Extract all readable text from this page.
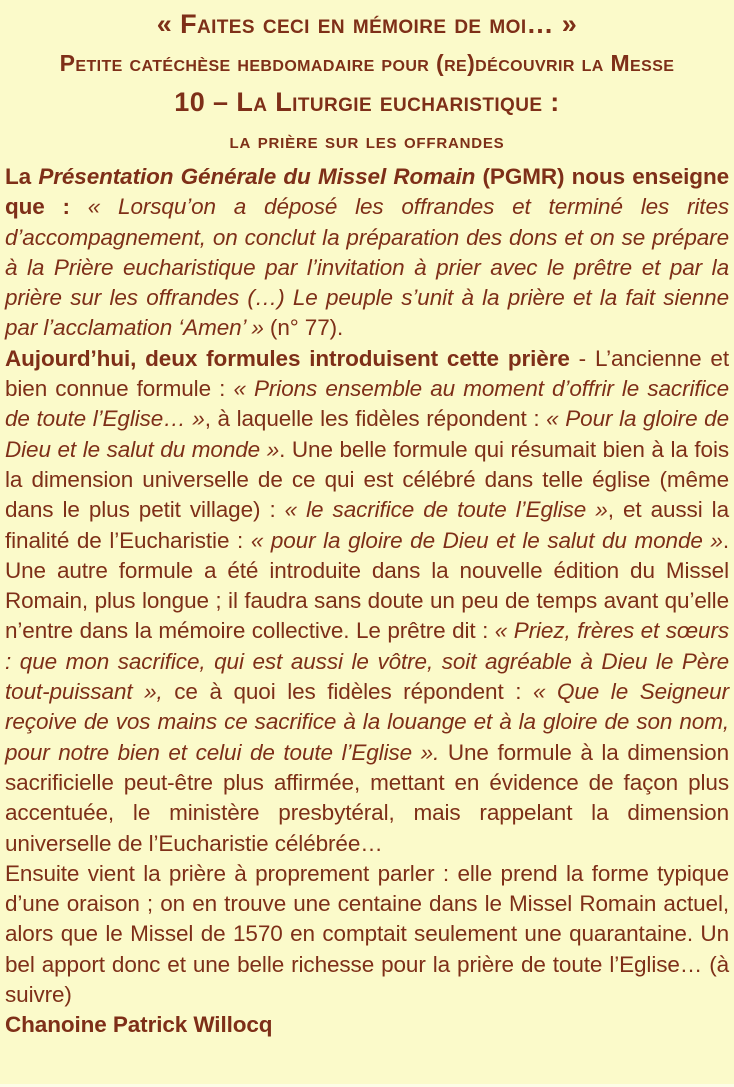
« Faites ceci en mémoire de moi… »
Petite catéchèse hebdomadaire pour (re)découvrir la Messe
10 – La Liturgie eucharistique :
la prière sur les offrandes

La Présentation Générale du Missel Romain (PGMR) nous enseigne que : « Lorsqu’on a déposé les offrandes et terminé les rites d’accompagnement, on conclut la préparation des dons et on se prépare à la Prière eucharistique par l’invitation à prier avec le prêtre et par la prière sur les offrandes (…) Le peuple s’unit à la prière et la fait sienne par l’acclamation ‘Amen’ » (n° 77).

Aujourd’hui, deux formules introduisent cette prière - L’ancienne et bien connue formule : « Prions ensemble au moment d’offrir le sacrifice de toute l’Eglise… », à laquelle les fidèles répondent : « Pour la gloire de Dieu et le salut du monde ». Une belle formule qui résumait bien à la fois la dimension universelle de ce qui est célébré dans telle église (même dans le plus petit village) : « le sacrifice de toute l’Eglise », et aussi la finalité de l’Eucharistie : « pour la gloire de Dieu et le salut du monde ». Une autre formule a été introduite dans la nouvelle édition du Missel Romain, plus longue ; il faudra sans doute un peu de temps avant qu’elle n’entre dans la mémoire collective. Le prêtre dit : « Priez, frères et sœurs : que mon sacrifice, qui est aussi le vôtre, soit agréable à Dieu le Père tout-puissant », ce à quoi les fidèles répondent : « Que le Seigneur reçoive de vos mains ce sacrifice à la louange et à la gloire de son nom, pour notre bien et celui de toute l’Eglise ». Une formule à la dimension sacrificielle peut-être plus affirmée, mettant en évidence de façon plus accentuée, le ministère presbytéral, mais rappelant la dimension universelle de l’Eucharistie célébrée…

Ensuite vient la prière à proprement parler : elle prend la forme typique d’une oraison ; on en trouve une centaine dans le Missel Romain actuel, alors que le Missel de 1570 en comptait seulement une quarantaine. Un bel apport donc et une belle richesse pour la prière de toute l’Eglise… (à suivre)

Chanoine Patrick Willocq
